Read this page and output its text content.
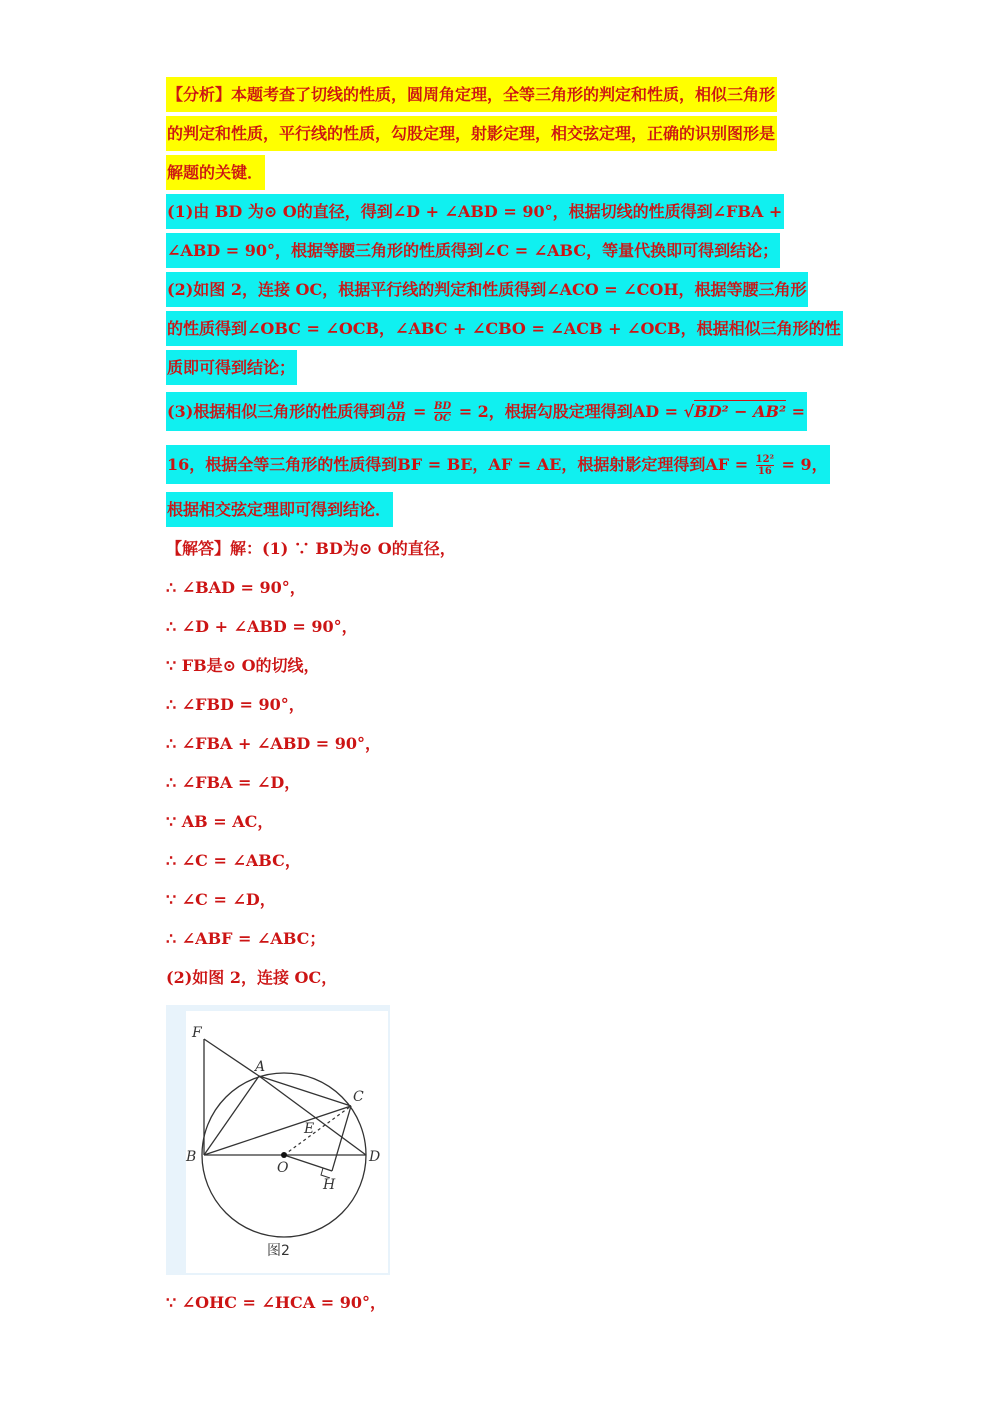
【分析】本题考查了切线的性质，圆周角定理，全等三角形的判定和性质，相似三角形
的判定和性质，平行线的性质，勾股定理，射影定理，相交弦定理，正确的识别图形是
解题的关键．
(1)由 BD 为⊙ O的直径，得到∠D + ∠ABD = 90°，根据切线的性质得到∠FBA +
∠ABD = 90°，根据等腰三角形的性质得到∠C = ∠ABC，等量代换即可得到结论；
(2)如图 2，连接 OC，根据平行线的判定和性质得到∠ACO = ∠COH，根据等腰三角形
的性质得到∠OBC = ∠OCB，∠ABC + ∠CBO = ∠ACB + ∠OCB，根据相似三角形的性
质即可得到结论；
(3)根据相似三角形的性质得到 $\frac{AB}{OH} = \frac{BD}{OC} = 2$，根据勾股定理得到AD = √BD² − AB² =
16，根据全等三角形的性质得到BF = BE，AF = AE，根据射影定理得到AF = $\frac{\text{12²}}{16} = 9$，
根据相交弦定理即可得到结论．
【解答】解：(1) ∵ BD为⊙ O的直径，
∴ ∠BAD = 90°，
∴ ∠D + ∠ABD = 90°，
∵ FB是⊙ O的切线，
∴ ∠FBD = 90°，
∴ ∠FBA + ∠ABD = 90°，
∴ ∠FBA = ∠D，
∵ AB = AC，
∴ ∠C = ∠ABC，
∵ ∠C = ∠D，
∴ ∠ABF = ∠ABC；
(2)如图 2，连接 OC，
F
A
C
E
B
O
D
H
图2
∵ ∠OHC = ∠HCA = 90°，
